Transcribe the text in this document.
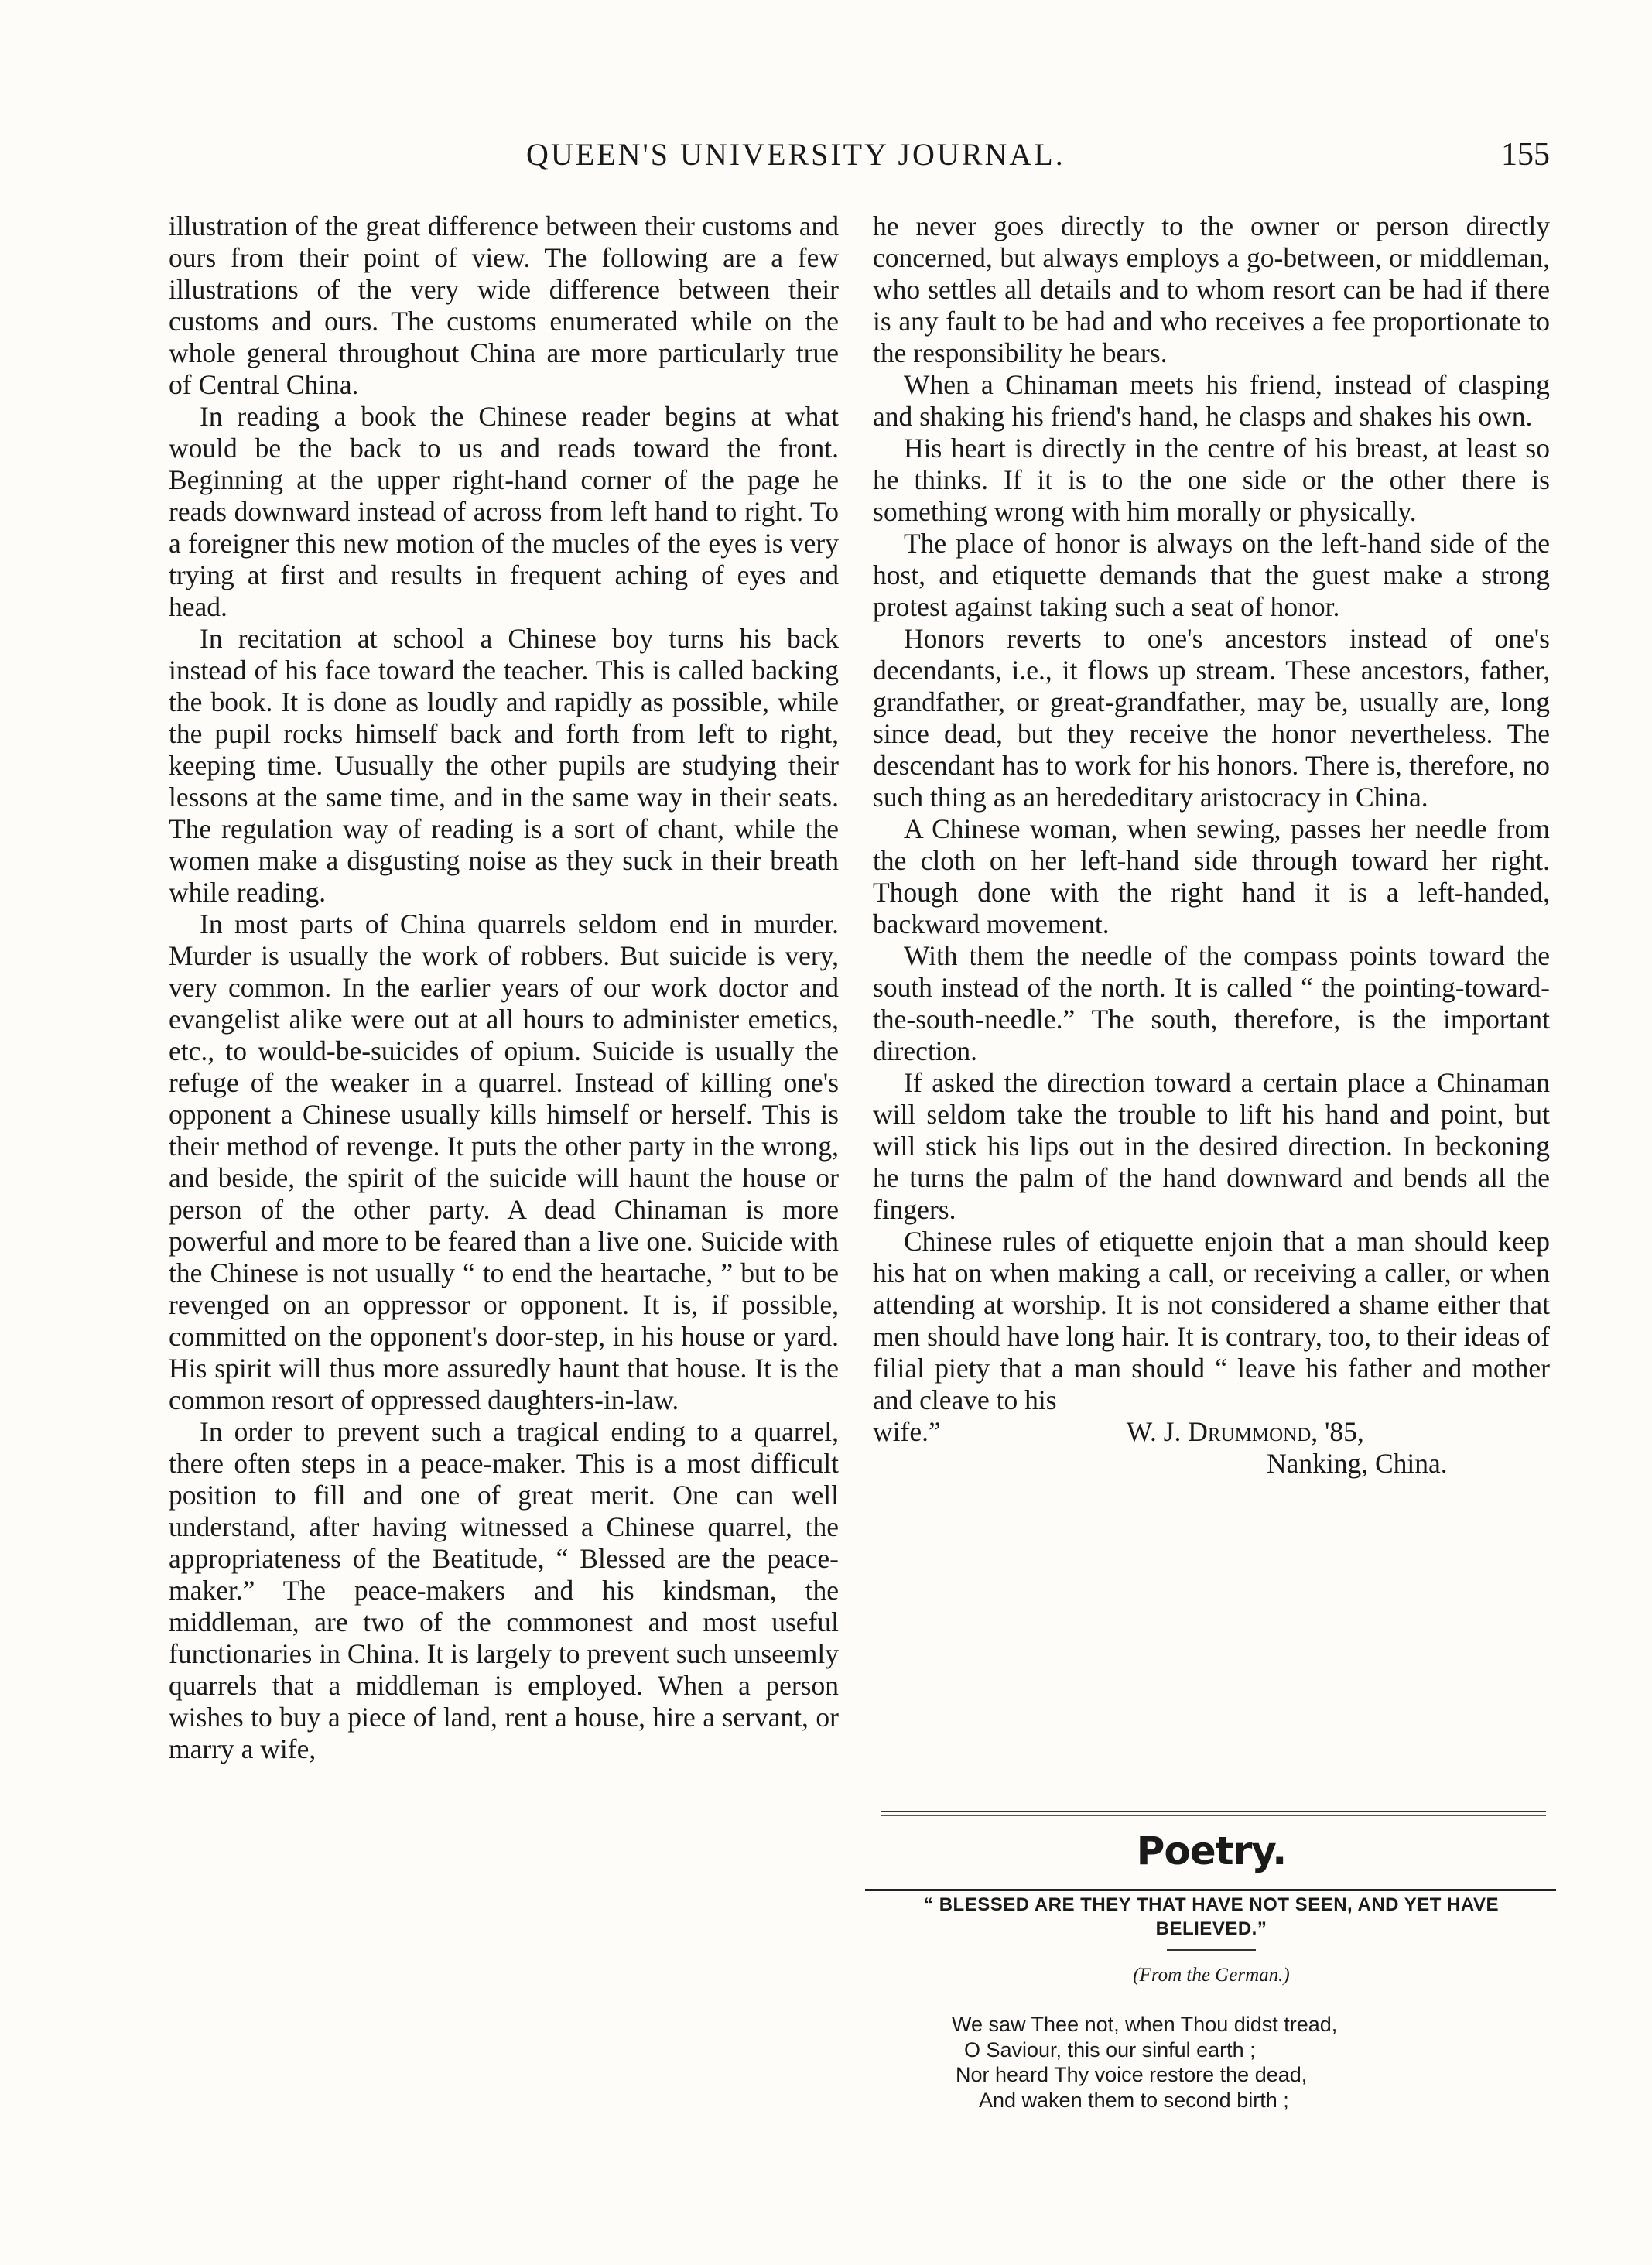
QUEEN'S UNIVERSITY JOURNAL.	155

illustration of the great difference between their customs and ours from their point of view. The following are a few illustrations of the very wide difference between their customs and ours. The customs enumerated while on the whole general throughout China are more particularly true of Central China.

In reading a book the Chinese reader begins at what would be the back to us and reads toward the front. Beginning at the upper right-hand corner of the page he reads downward instead of across from left hand to right. To a foreigner this new motion of the mucles of the eyes is very trying at first and results in frequent aching of eyes and head.

In recitation at school a Chinese boy turns his back instead of his face toward the teacher. This is called backing the book. It is done as loudly and rapidly as possible, while the pupil rocks himself back and forth from left to right, keeping time. Uusually the other pupils are studying their lessons at the same time, and in the same way in their seats. The regulation way of reading is a sort of chant, while the women make a disgusting noise as they suck in their breath while reading.

In most parts of China quarrels seldom end in murder. Murder is usually the work of robbers. But suicide is very, very common. In the earlier years of our work doctor and evangelist alike were out at all hours to administer emetics, etc., to would-be-suicides of opium. Suicide is usually the refuge of the weaker in a quarrel. Instead of killing one's opponent a Chinese usually kills himself or herself. This is their method of revenge. It puts the other party in the wrong, and beside, the spirit of the suicide will haunt the house or person of the other party. A dead Chinaman is more powerful and more to be feared than a live one. Suicide with the Chinese is not usually “ to end the heartache, ” but to be revenged on an oppressor or opponent. It is, if possible, committed on the opponent's door-step, in his house or yard. His spirit will thus more assuredly haunt that house. It is the common resort of oppressed daughters-in-law.

In order to prevent such a tragical ending to a quarrel, there often steps in a peace-maker. This is a most difficult position to fill and one of great merit. One can well understand, after having witnessed a Chinese quarrel, the appropriateness of the Beatitude, “ Blessed are the peace-maker.” The peace-makers and his kindsman, the middleman, are two of the commonest and most useful functionaries in China. It is largely to prevent such unseemly quarrels that a middleman is employed. When a person wishes to buy a piece of land, rent a house, hire a servant, or marry a wife,

he never goes directly to the owner or person directly concerned, but always employs a go-between, or middleman, who settles all details and to whom resort can be had if there is any fault to be had and who receives a fee proportionate to the responsibility he bears.

When a Chinaman meets his friend, instead of clasping and shaking his friend's hand, he clasps and shakes his own.

His heart is directly in the centre of his breast, at least so he thinks. If it is to the one side or the other there is something wrong with him morally or physically.

The place of honor is always on the left-hand side of the host, and etiquette demands that the guest make a strong protest against taking such a seat of honor.

Honors reverts to one's ancestors instead of one's decendants, i.e., it flows up stream. These ancestors, father, grandfather, or great-grandfather, may be, usually are, long since dead, but they receive the honor nevertheless. The descendant has to work for his honors. There is, therefore, no such thing as an herededitary aristocracy in China.

A Chinese woman, when sewing, passes her needle from the cloth on her left-hand side through toward her right. Though done with the right hand it is a left-handed, backward movement.

With them the needle of the compass points toward the south instead of the north. It is called “ the pointing-toward-the-south-needle.” The south, therefore, is the important direction.

If asked the direction toward a certain place a Chinaman will seldom take the trouble to lift his hand and point, but will stick his lips out in the desired direction. In beckoning he turns the palm of the hand downward and bends all the fingers.

Chinese rules of etiquette enjoin that a man should keep his hat on when making a call, or receiving a caller, or when attending at worship. It is not considered a shame either that men should have long hair. It is contrary, too, to their ideas of filial piety that a man should “ leave his father and mother and cleave to his

wife.”	W. J. Drummond, '85,
Nanking, China.
Poetry.
“ BLESSED ARE THEY THAT HAVE NOT SEEN, AND YET HAVE BELIEVED.”
(From the German.)
We saw Thee not, when Thou didst tread,
O Saviour, this our sinful earth ;
Nor heard Thy voice restore the dead,
And waken them to second birth ;
